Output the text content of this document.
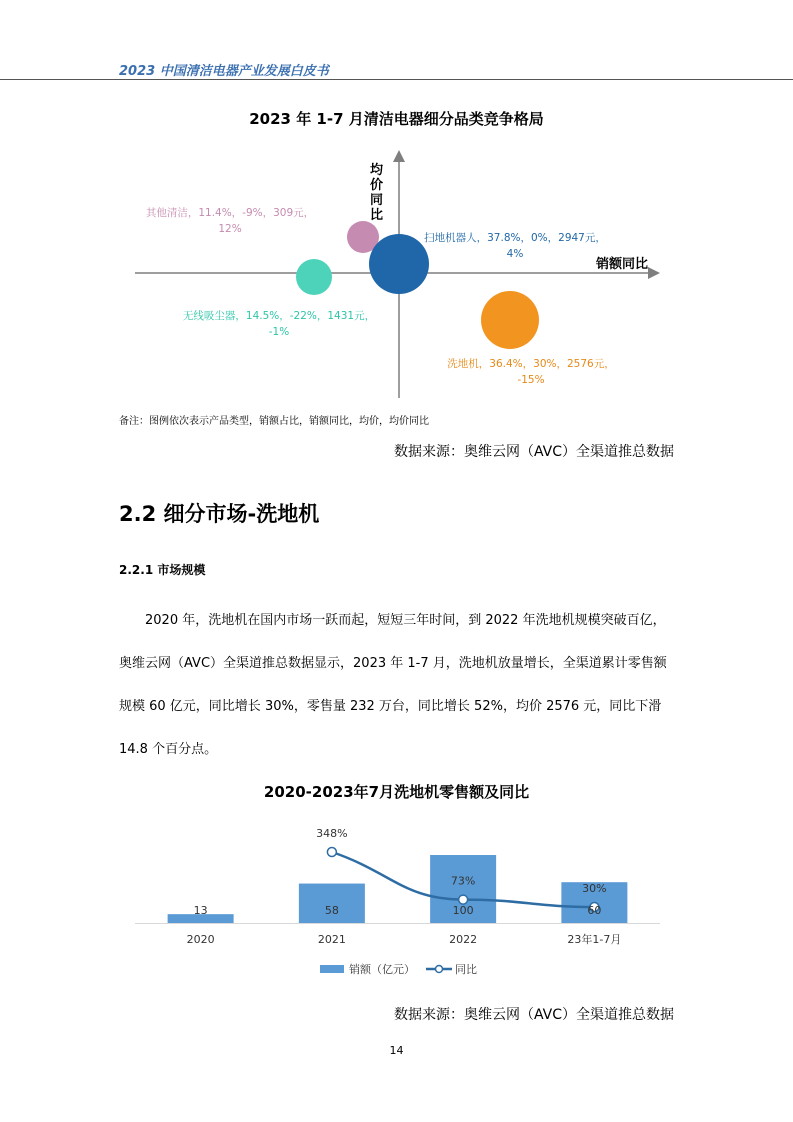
2023 中国清洁电器产业发展白皮书
2023 年 1-7 月清洁电器细分品类竞争格局
均价同比
销额同比
其他清洁，11.4%，-9%，309元，
12%
扫地机器人，37.8%，0%，2947元，
4%
无线吸尘器，14.5%，-22%，1431元，
-1%
洗地机，36.4%，30%，2576元，
-15%
备注：图例依次表示产品类型，销额占比，销额同比，均价，均价同比
数据来源：奥维云网（AVC）全渠道推总数据
2.2 细分市场-洗地机
2.2.1 市场规模
2020 年，洗地机在国内市场一跃而起，短短三年时间，到 2022 年洗地机规模突破百亿，奥维云网（AVC）全渠道推总数据显示，2023 年 1-7 月，洗地机放量增长，全渠道累计零售额规模 60 亿元，同比增长 30%，零售量 232 万台，同比增长 52%，均价 2576 元，同比下滑 14.8 个百分点。
2020-2023年7月洗地机零售额及同比
348%
73%
30%
13	58	100	60
2020	2021	2022	23年1-7月
销额（亿元）	同比
数据来源：奥维云网（AVC）全渠道推总数据
14
